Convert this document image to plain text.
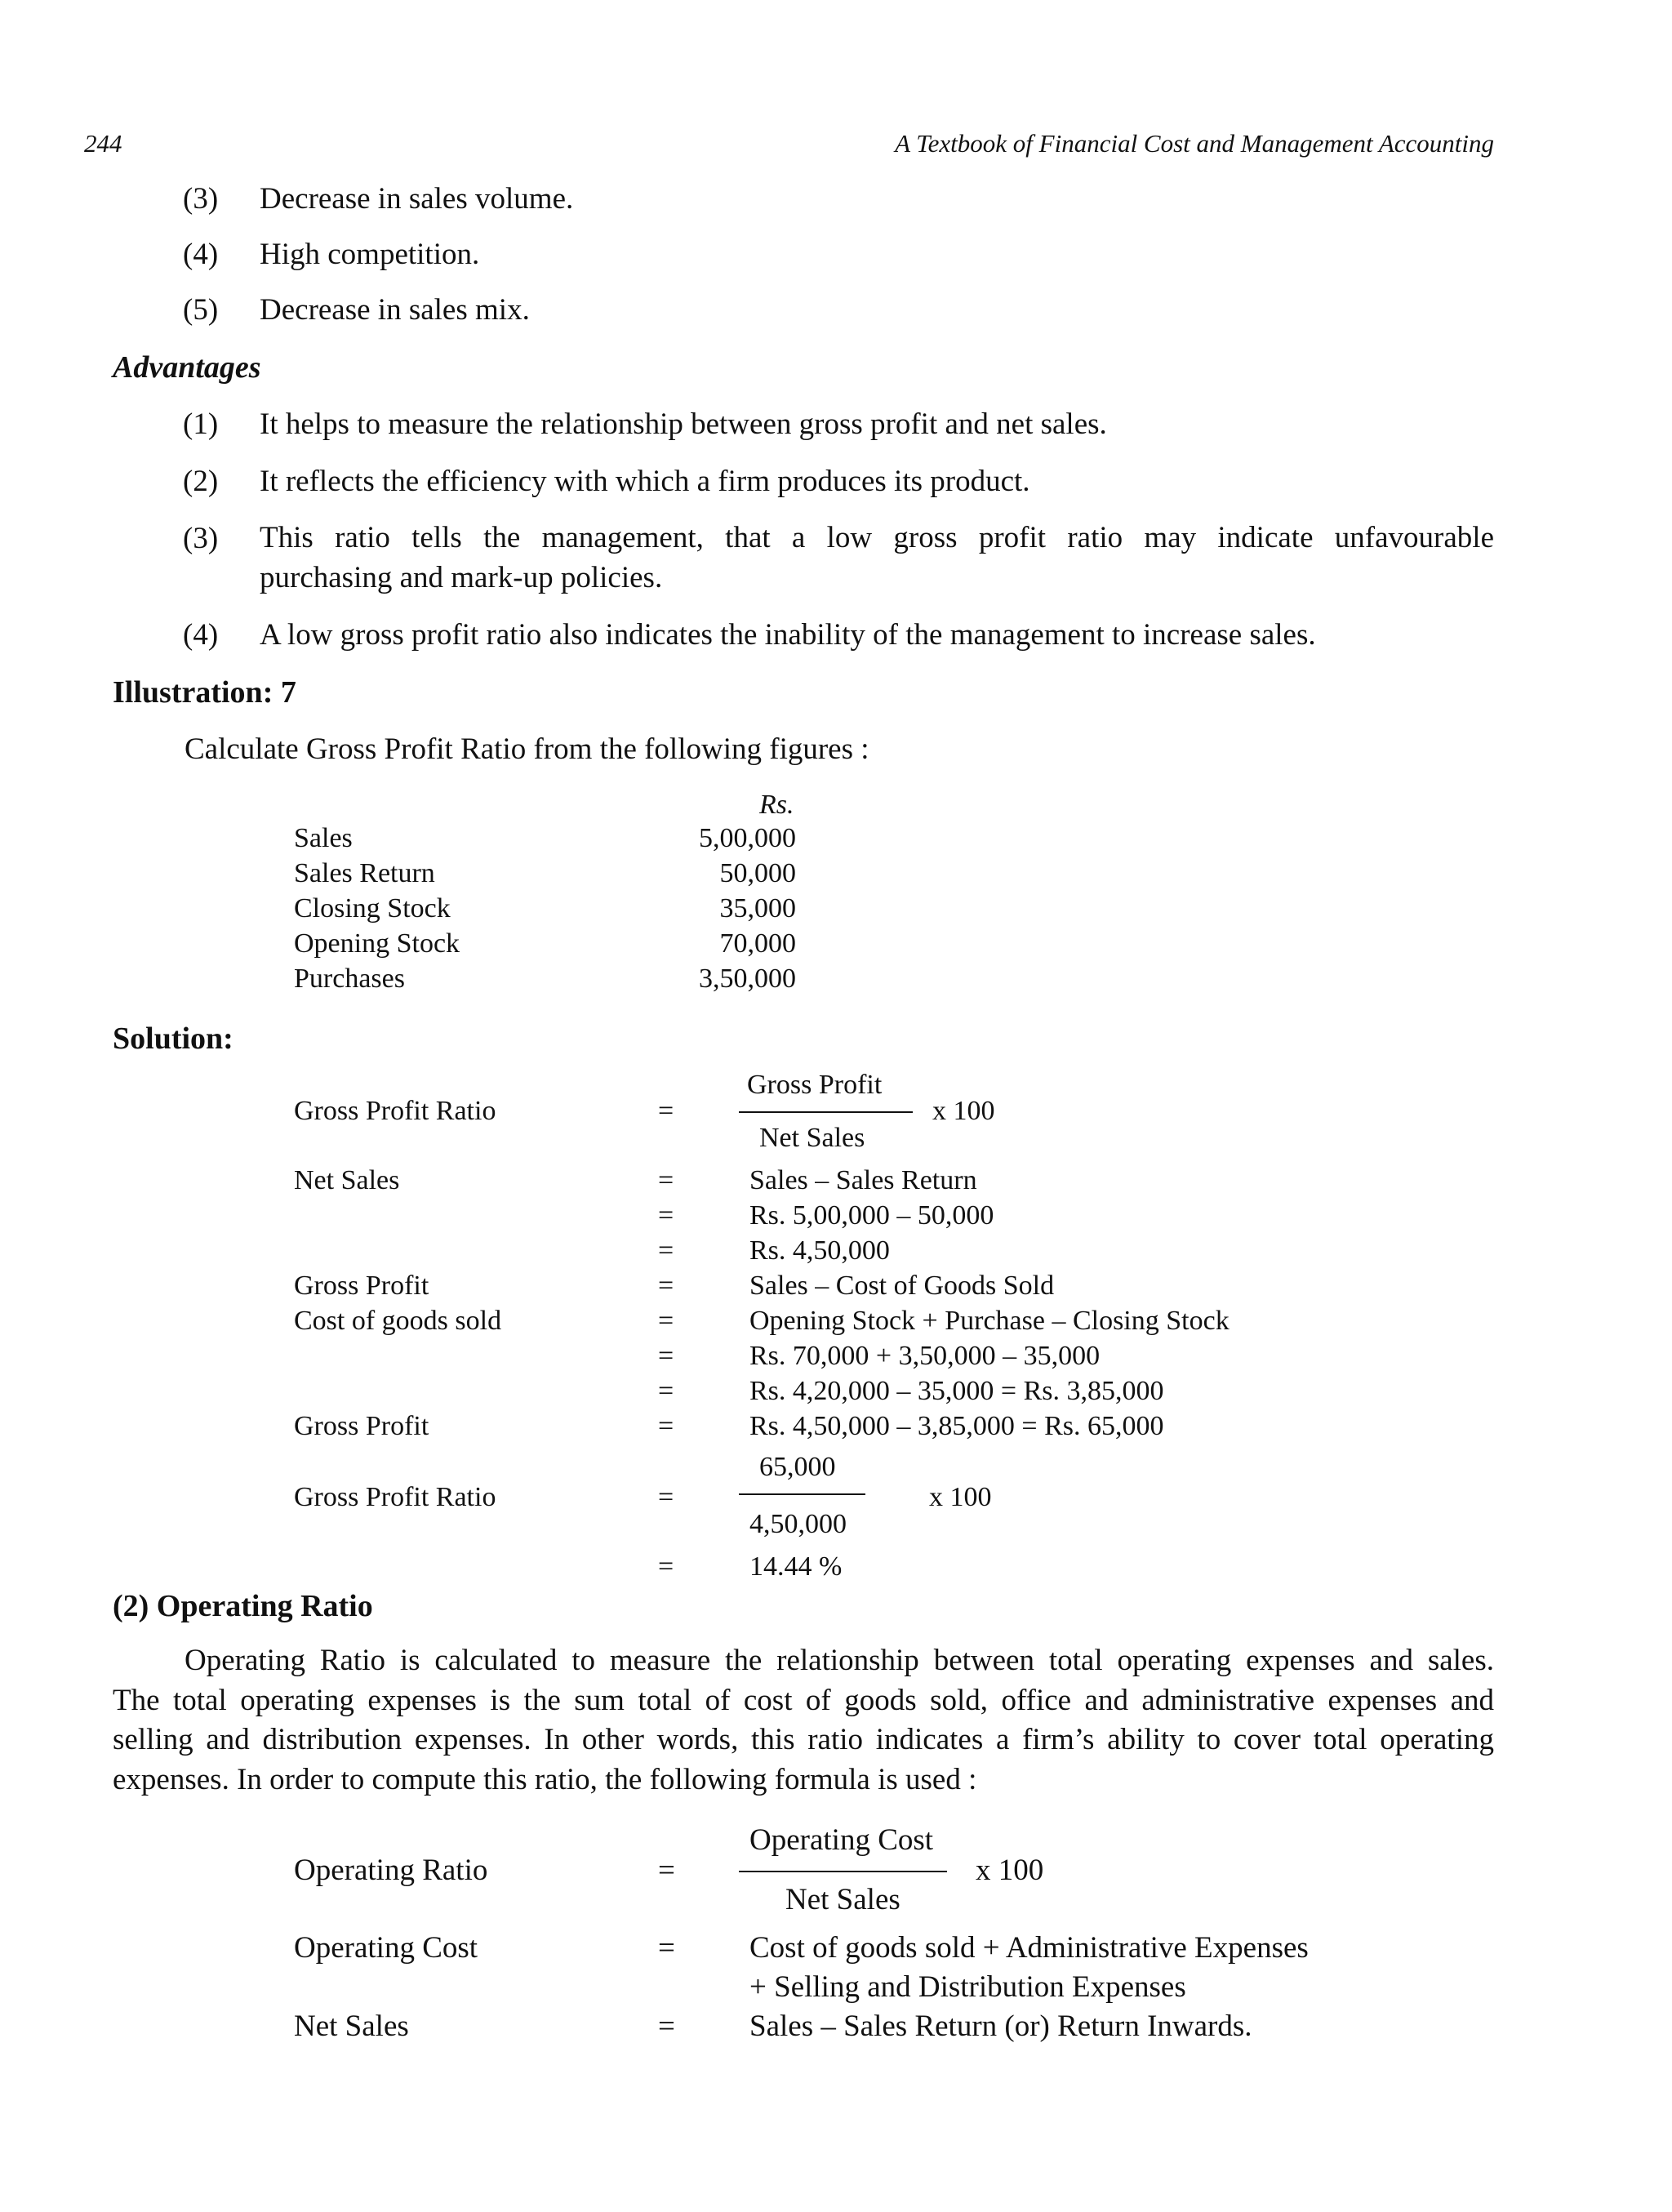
244	A Textbook of Financial Cost and Management Accounting
(3) Decrease in sales volume.
(4) High competition.
(5) Decrease in sales mix.
Advantages
(1) It helps to measure the relationship between gross profit and net sales.
(2) It reflects the efficiency with which a firm produces its product.
(3) This ratio tells the management, that a low gross profit ratio may indicate unfavourable
purchasing and mark-up policies.
(4) A low gross profit ratio also indicates the inability of the management to increase sales.
Illustration: 7
Calculate Gross Profit Ratio from the following figures :
Rs.
Sales	5,00,000
Sales Return	50,000
Closing Stock	35,000
Opening Stock	70,000
Purchases	3,50,000
Solution:
Gross Profit
Gross Profit Ratio	=	x 100
Net Sales
Net Sales	=	Sales – Sales Return
=	Rs. 5,00,000 – 50,000
=	Rs. 4,50,000
Gross Profit	=	Sales – Cost of Goods Sold
Cost of goods sold	=	Opening Stock + Purchase – Closing Stock
=	Rs. 70,000 + 3,50,000 – 35,000
=	Rs. 4,20,000 – 35,000 = Rs. 3,85,000
Gross Profit	=	Rs. 4,50,000 – 3,85,000 = Rs. 65,000
65,000
Gross Profit Ratio	=	x 100
4,50,000
=	14.44 %
(2) Operating Ratio
Operating Ratio is calculated to measure the relationship between total operating expenses and sales.
The total operating expenses is the sum total of cost of goods sold, office and administrative expenses and
selling and distribution expenses. In other words, this ratio indicates a firm’s ability to cover total operating
expenses. In order to compute this ratio, the following formula is used :
Operating Cost
Operating Ratio	=	x 100
Net Sales
Operating Cost	= Cost of goods sold + Administrative Expenses
+ Selling and Distribution Expenses
Net Sales	= Sales – Sales Return (or) Return Inwards.
